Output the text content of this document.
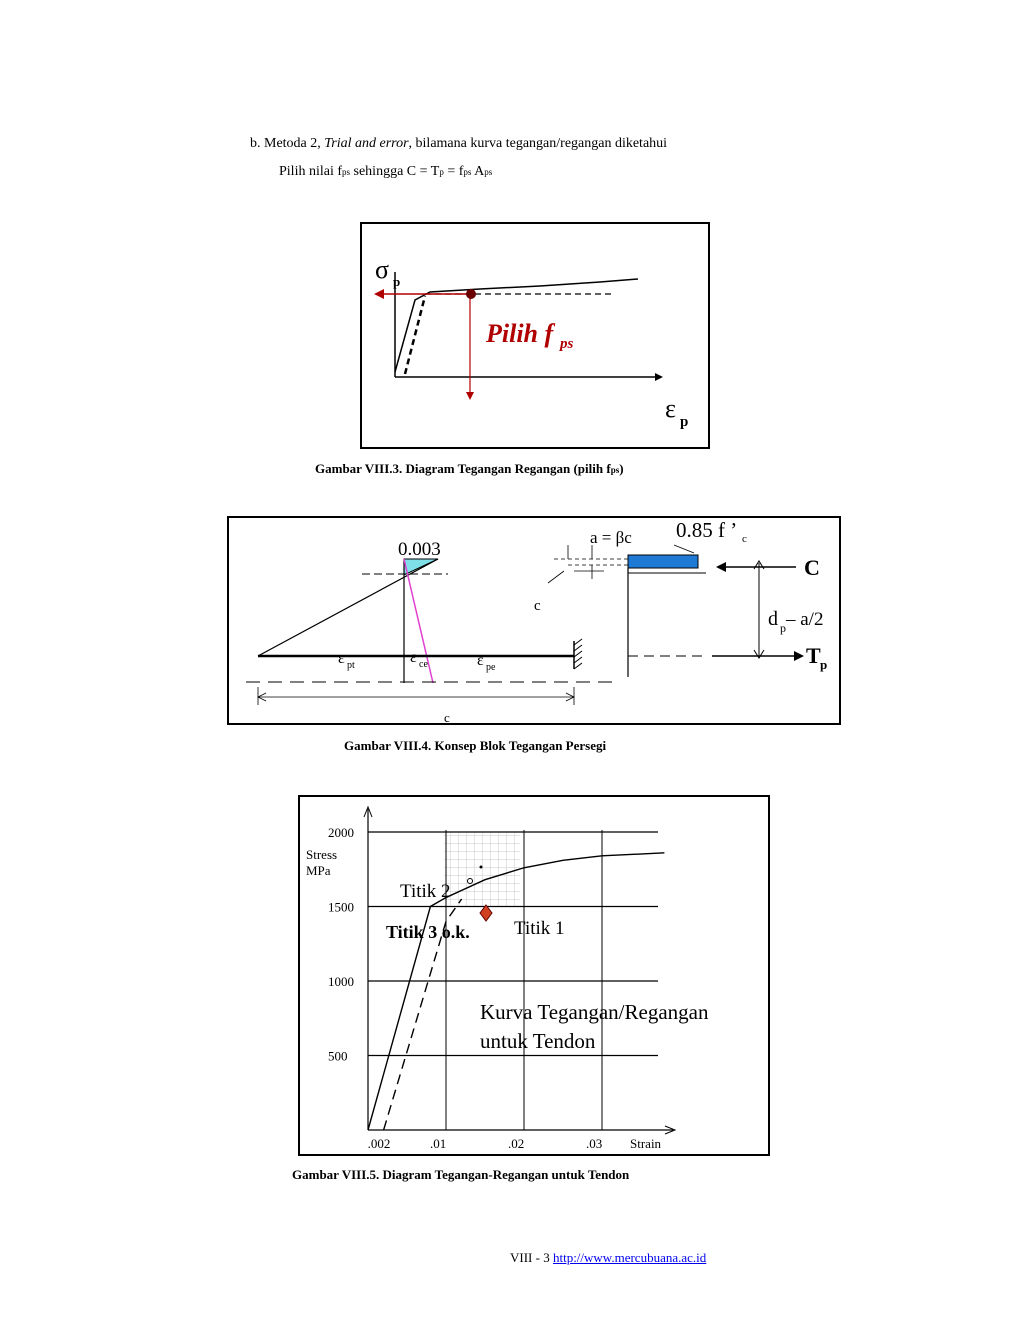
b. Metoda 2, Trial and error, bilamana kurva tegangan/regangan diketahui
Pilih nilai fps sehingga C = Tp = fps Aps
σ p
ε p
Pilih f ps
Gambar VIII.3. Diagram Tegangan Regangan (pilih fps)
0.003
ε pt	ε ce	ε pe
c
a = βc
c
0.85 f ’ c
C
d p – a/2
T p
Gambar VIII.4. Konsep Blok Tegangan Persegi
500
1000
1500
2000
.002	.01	.02	.03
Stress
MPa
Strain
Titik 2
Titik 3 o.k. Titik 1
Kurva Tegangan/Regangan
untuk Tendon
Gambar VIII.5. Diagram Tegangan-Regangan untuk Tendon
VIII - 3 http://www.mercubuana.ac.id
